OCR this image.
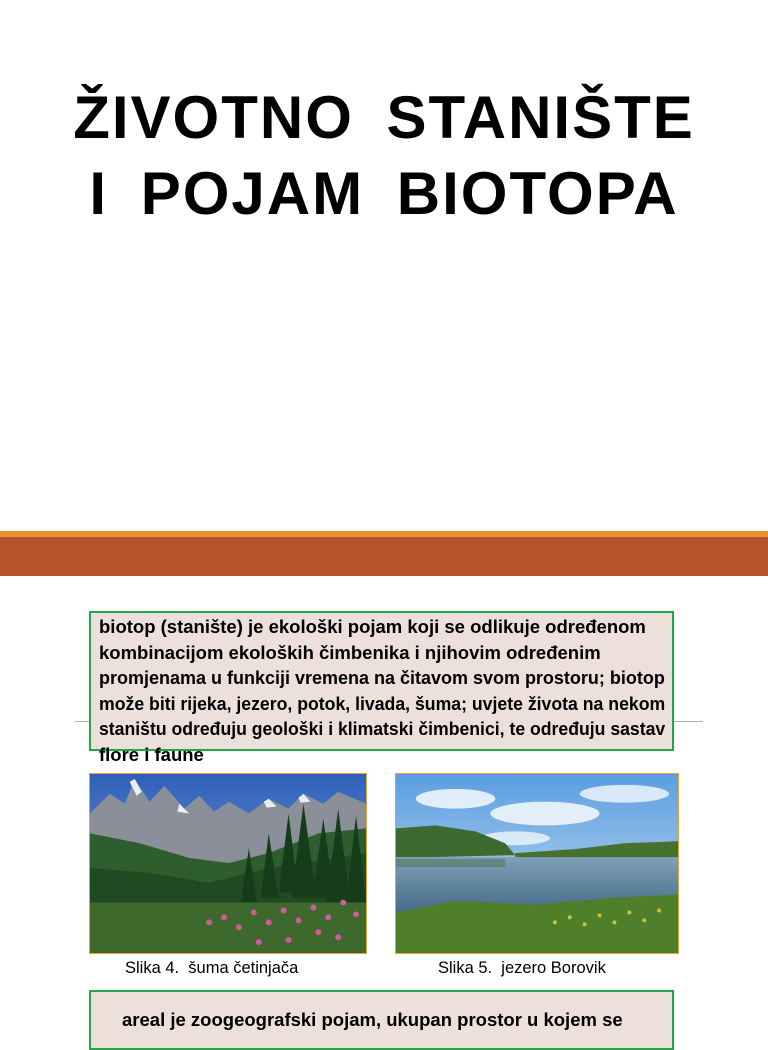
ŽIVOTNO STANIŠTE
I POJAM BIOTOPA

biotop (stanište) je ekološki pojam koji se odlikuje određenom

kombinacijom ekoloških čimbenika i njihovim određenim

promjenama u funkciji vremena na čitavom svom prostoru; biotop

može biti rijeka, jezero, potok, livada, šuma; uvjete života na nekom

staništu određuju geološki i klimatski čimbenici, te određuju sastav

flore i faune

Slika 4.  šuma četinjača	Slika 5.  jezero Borovik
areal je zoogeografski pojam, ukupan prostor u kojem se
